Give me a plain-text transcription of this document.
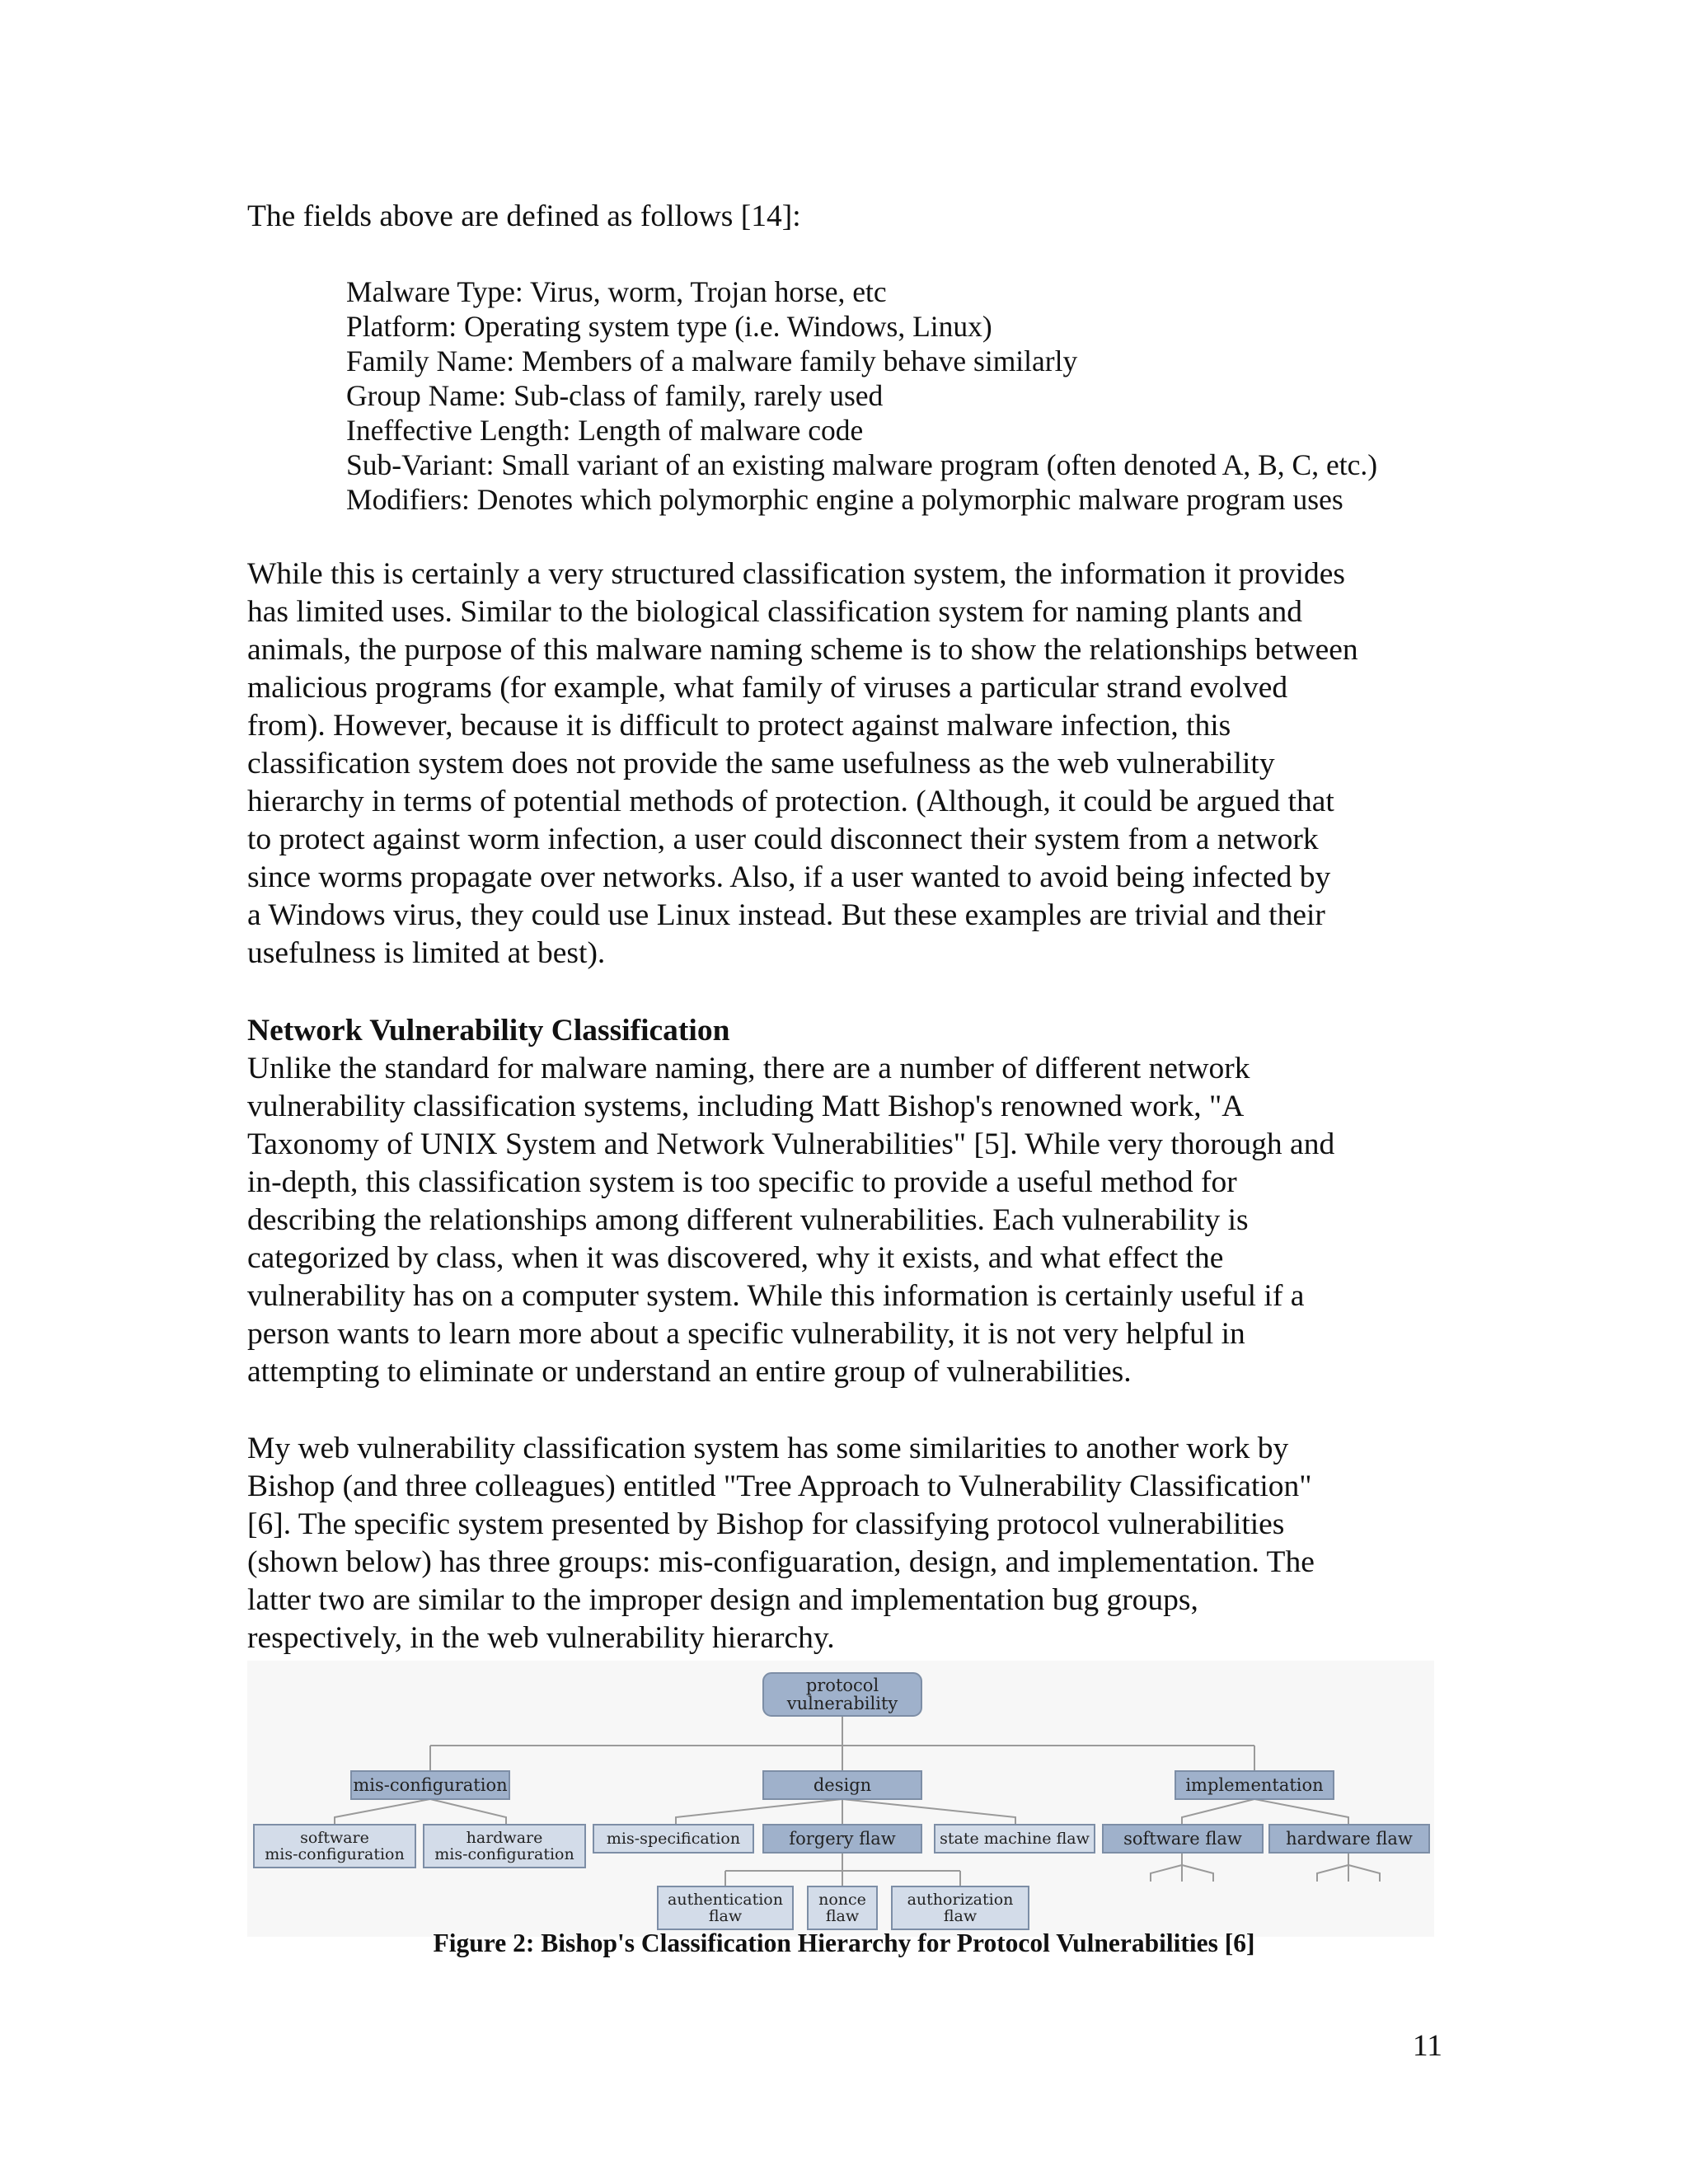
The fields above are defined as follows [14]:

Malware Type: Virus, worm, Trojan horse, etc
Platform: Operating system type (i.e. Windows, Linux)
Family Name: Members of a malware family behave similarly
Group Name: Sub-class of family, rarely used
Ineffective Length: Length of malware code
Sub-Variant: Small variant of an existing malware program (often denoted A, B, C, etc.)
Modifiers: Denotes which polymorphic engine a polymorphic malware program uses

While this is certainly a very structured classification system, the information it provides
has limited uses. Similar to the biological classification system for naming plants and
animals, the purpose of this malware naming scheme is to show the relationships between
malicious programs (for example, what family of viruses a particular strand evolved
from). However, because it is difficult to protect against malware infection, this
classification system does not provide the same usefulness as the web vulnerability
hierarchy in terms of potential methods of protection. (Although, it could be argued that
to protect against worm infection, a user could disconnect their system from a network
since worms propagate over networks. Also, if a user wanted to avoid being infected by
a Windows virus, they could use Linux instead. But these examples are trivial and their
usefulness is limited at best).

Network Vulnerability Classification

Unlike the standard for malware naming, there are a number of different network
vulnerability classification systems, including Matt Bishop's renowned work, "A
Taxonomy of UNIX System and Network Vulnerabilities" [5]. While very thorough and
in-depth, this classification system is too specific to provide a useful method for
describing the relationships among different vulnerabilities. Each vulnerability is
categorized by class, when it was discovered, why it exists, and what effect the
vulnerability has on a computer system. While this information is certainly useful if a
person wants to learn more about a specific vulnerability, it is not very helpful in
attempting to eliminate or understand an entire group of vulnerabilities.

My web vulnerability classification system has some similarities to another work by
Bishop (and three colleagues) entitled "Tree Approach to Vulnerability Classification"
[6]. The specific system presented by Bishop for classifying protocol vulnerabilities
(shown below) has three groups: mis-configuaration, design, and implementation. The
latter two are similar to the improper design and implementation bug groups,
respectively, in the web vulnerability hierarchy.

protocol
vulnerability
mis-configuration	design	implementation
software
mis-configuration
hardware
mis-configuration
mis-specification	forgery flaw	state machine flaw software flaw	hardware flaw
authentication
flaw
nonce
flaw
authorization
flaw

Figure 2: Bishop's Classification Hierarchy for Protocol Vulnerabilities [6]

11
